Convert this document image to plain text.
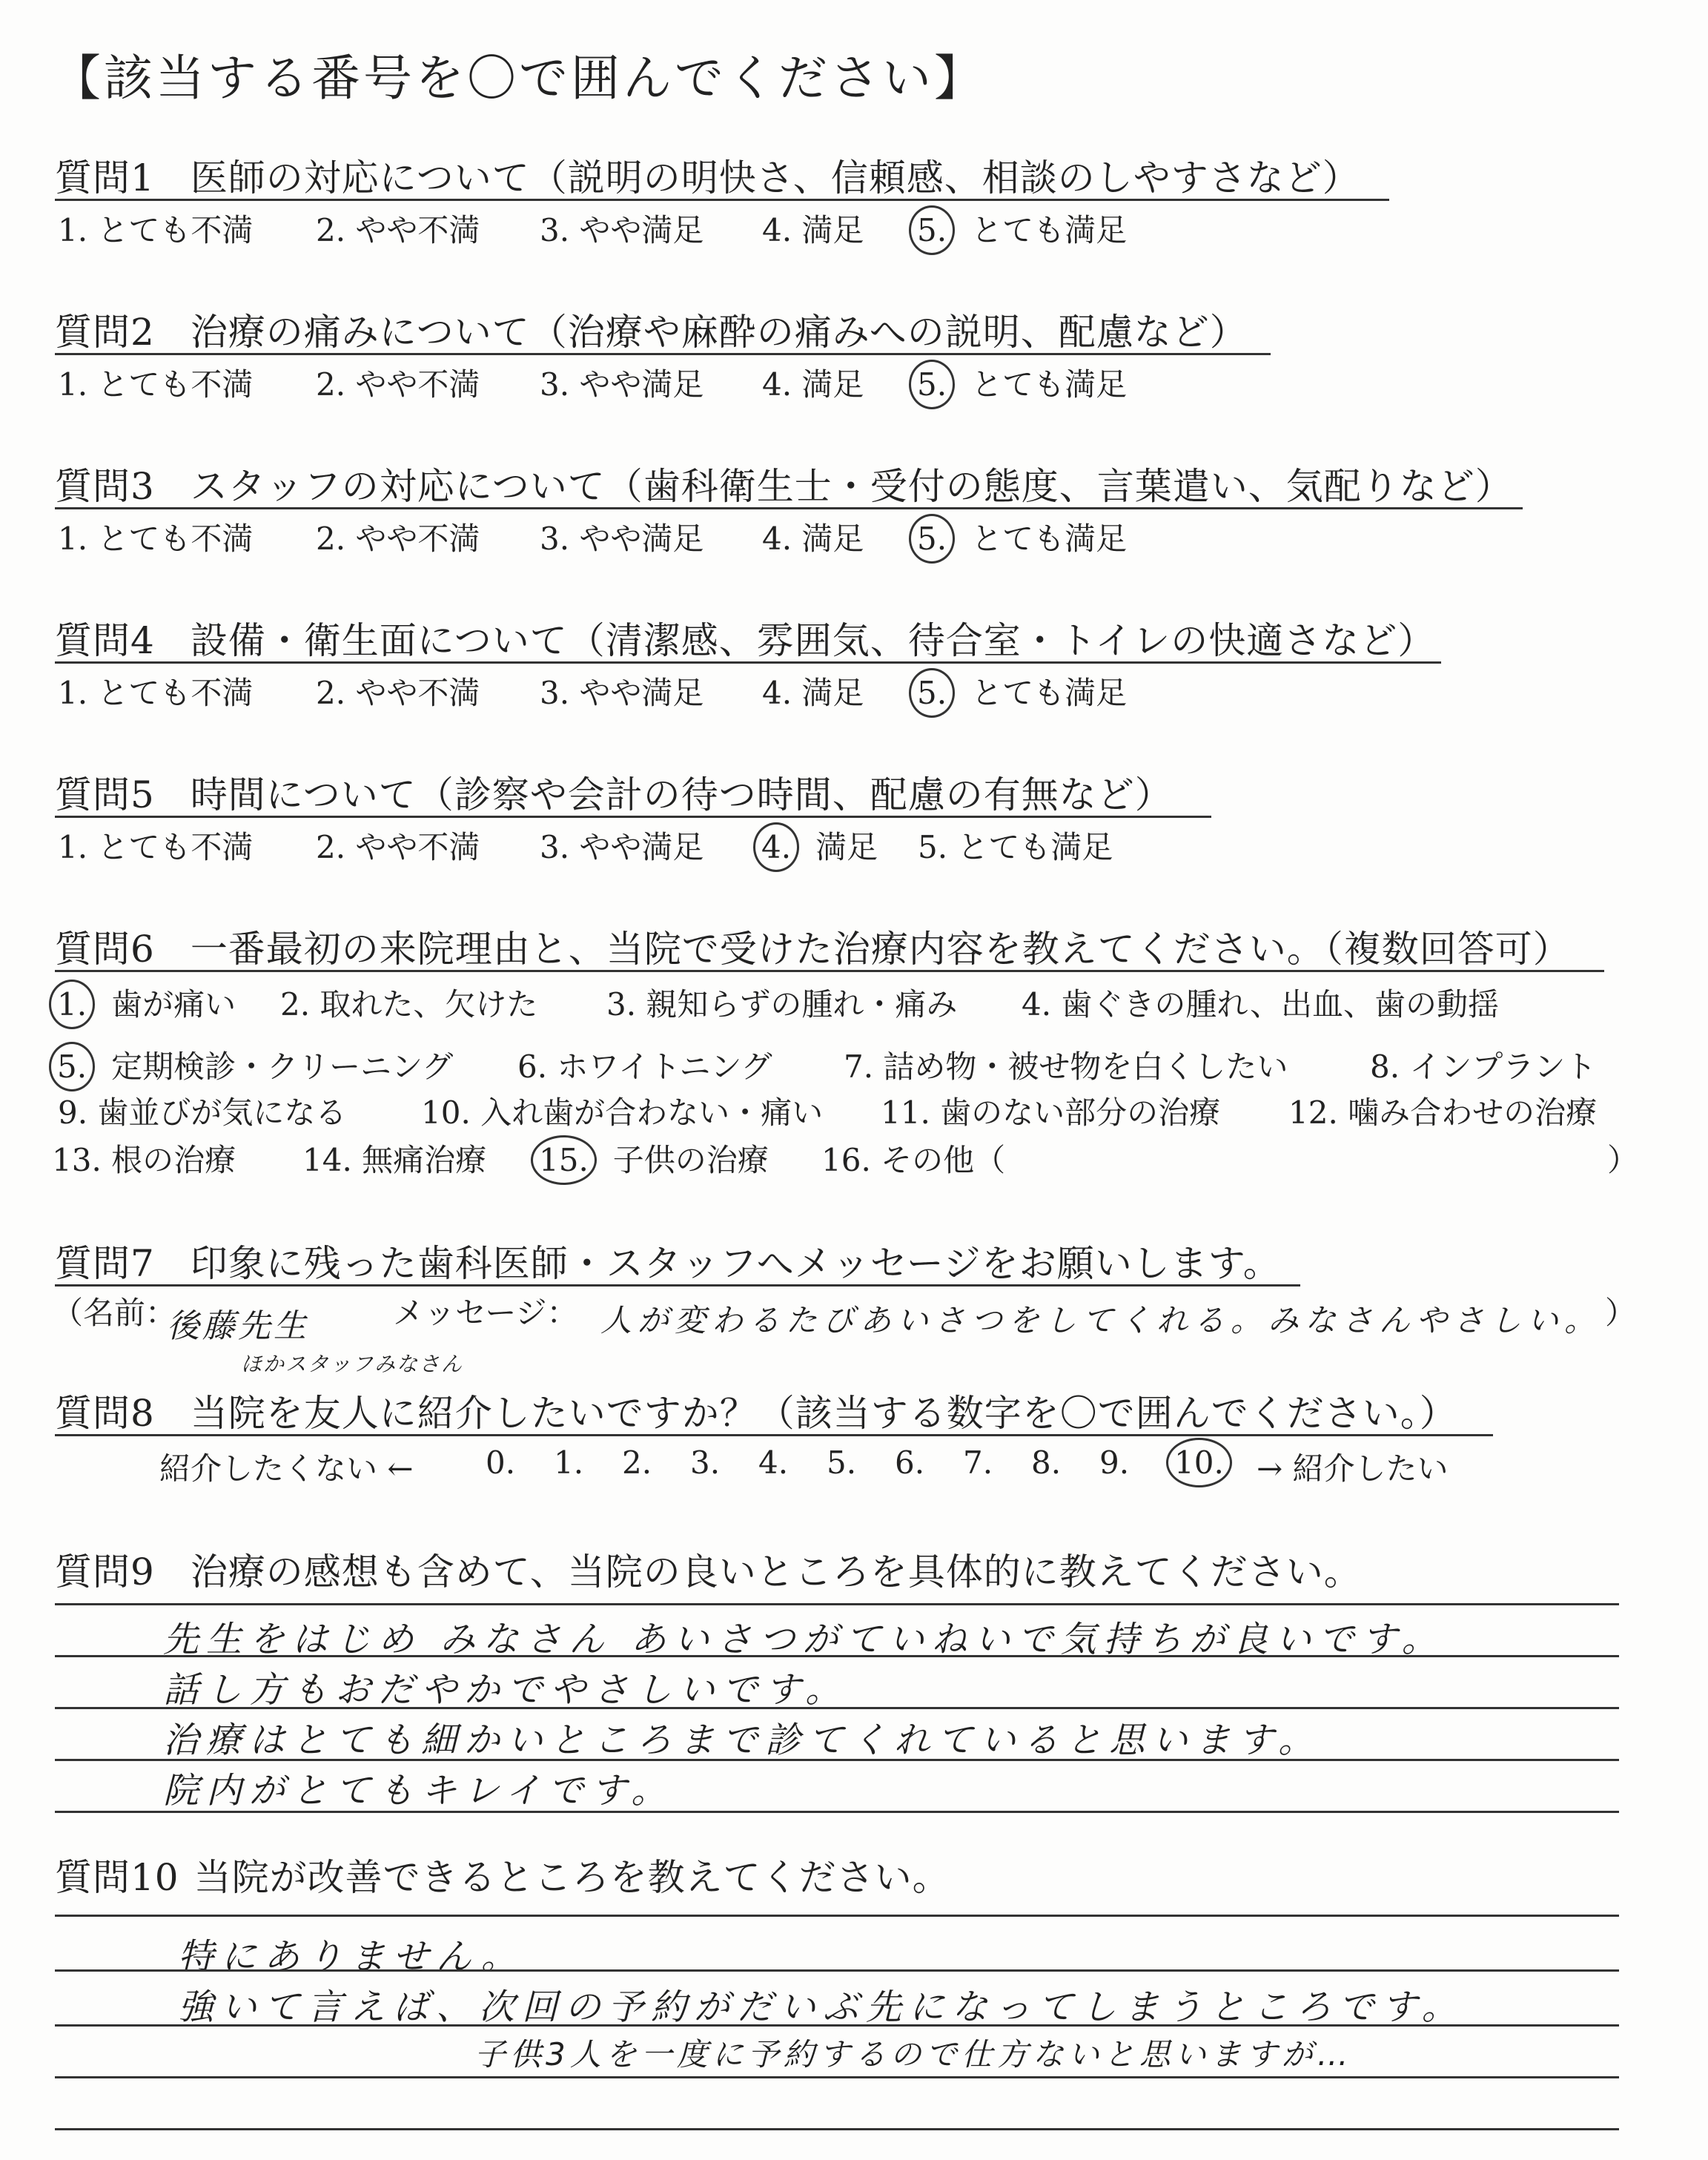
【該当する番号を〇で囲んでください】
質問1 医師の対応について（説明の明快さ、信頼感、相談のしやすさなど）
1. とても不満 2. やや不満 3. やや満足 4. 満足 5. とても満足
質問2 治療の痛みについて（治療や麻酔の痛みへの説明、配慮など）
1. とても不満 2. やや不満 3. やや満足 4. 満足 5. とても満足
質問3 スタッフの対応について（歯科衛生士・受付の態度、言葉遣い、気配りなど）
1. とても不満 2. やや不満 3. やや満足 4. 満足 5. とても満足
質問4 設備・衛生面について（清潔感、雰囲気、待合室・トイレの快適さなど）
1. とても不満 2. やや不満 3. やや満足 4. 満足 5. とても満足
質問5 時間について（診察や会計の待つ時間、配慮の有無など）
1. とても不満 2. やや不満 3. やや満足 4. 満足 5. とても満足
質問6 一番最初の来院理由と、当院で受けた治療内容を教えてください。（複数回答可）
1. 歯が痛い 2. 取れた、欠けた 3. 親知らずの腫れ・痛み 4. 歯ぐきの腫れ、出血、歯の動揺
5. 定期検診・クリーニング 6. ホワイトニング 7. 詰め物・被せ物を白くしたい	8. インプラント
9. 歯並びが気になる 10. 入れ歯が合わない・痛い 11. 歯のない部分の治療 12. 噛み合わせの治療
13. 根の治療 14. 無痛治療 15. 子供の治療 16. その他（	）
質問7 印象に残った歯科医師・スタッフへメッセージをお願いします。
（名前：
後藤先生
ほかスタッフみなさん
メッセージ： 人が変わるたびあいさつをしてくれる。みなさんやさしい。 ）
質問8 当院を友人に紹介したいですか？（該当する数字を〇で囲んでください。）
紹介したくない ← 0. 1. 2. 3. 4. 5. 6. 7. 8. 9. 10.	→ 紹介したい
質問9 治療の感想も含めて、当院の良いところを具体的に教えてください。
先生をはじめ みなさん あいさつがていねいで気持ちが良いです。
話し方もおだやかでやさしいです。
治療はとても細かいところまで診てくれていると思います。
院内がとてもキレイです。
質問10 当院が改善できるところを教えてください。
特にありません。
強いて言えば、次回の予約がだいぶ先になってしまうところです。
子供3人を一度に予約するので仕方ないと思いますが…
